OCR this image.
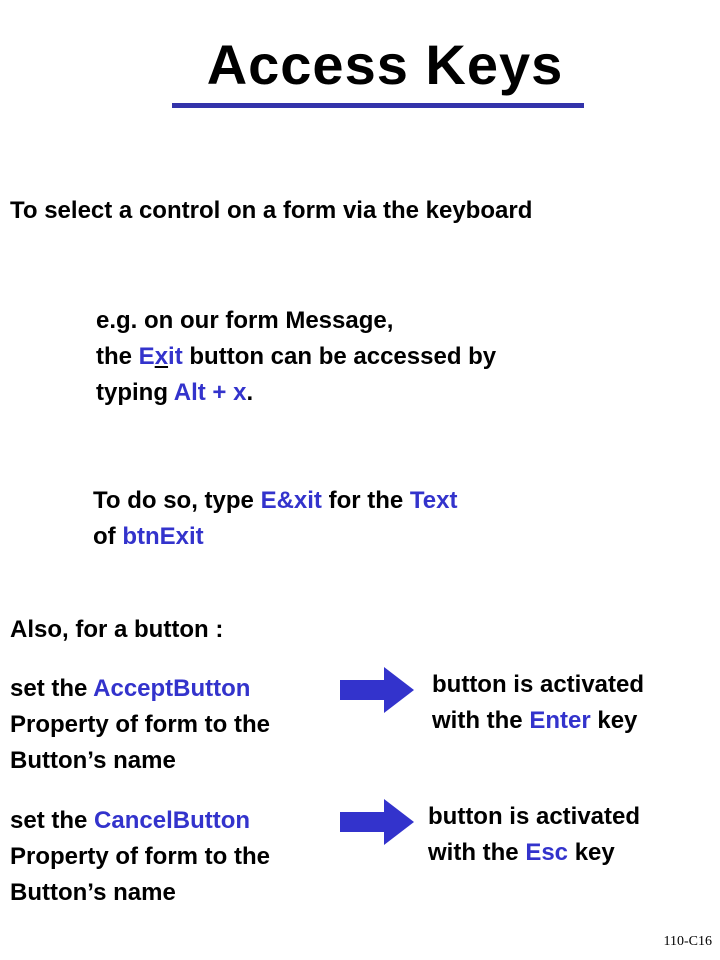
Access Keys
To select a control on a form via the keyboard
e.g. on our form Message,
the Exit button can be accessed by
typing Alt + x.
To do so, type E&xit for the Text
of btnExit
Also, for a button :
set the AcceptButton
Property of form to the
Button’s name
button is activated
with the Enter key
set the CancelButton
Property of form to the
Button’s name
button is activated
with the Esc key
110-C16
